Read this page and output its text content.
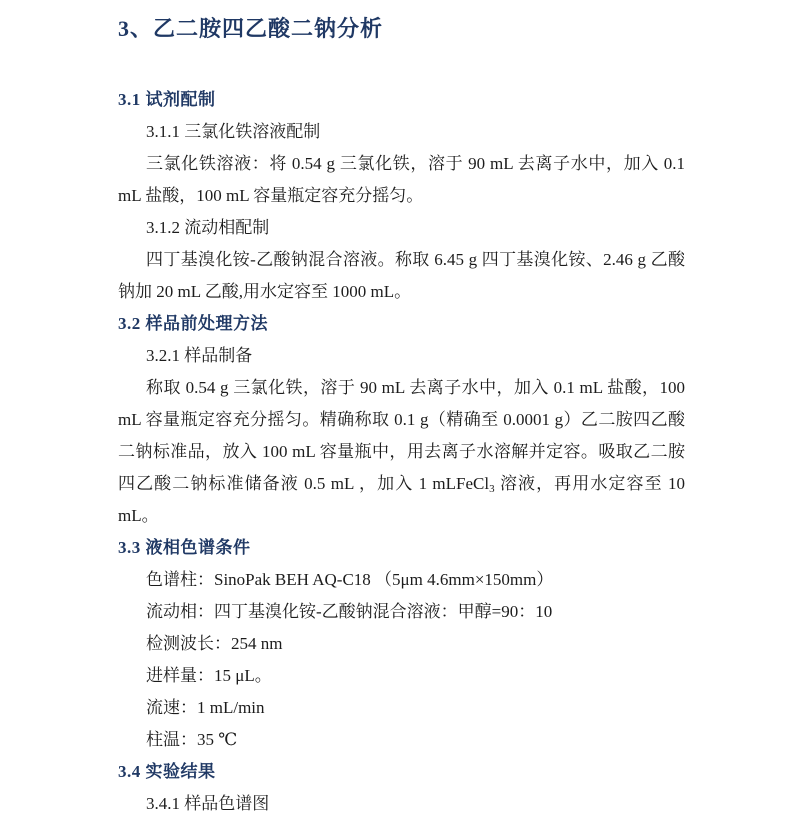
3、乙二胺四乙酸二钠分析
3.1 试剂配制
3.1.1 三氯化铁溶液配制

三氯化铁溶液：将 0.54 g 三氯化铁，溶于 90 mL 去离子水中，加入 0.1 mL 盐酸，100 mL 容量瓶定容充分摇匀。

3.1.2 流动相配制

四丁基溴化铵-乙酸钠混合溶液。称取 6.45 g 四丁基溴化铵、2.46 g 乙酸钠加 20 mL 乙酸,用水定容至 1000 mL。

3.2 样品前处理方法
3.2.1 样品制备

称取 0.54 g 三氯化铁，溶于 90 mL 去离子水中，加入 0.1 mL 盐酸，100 mL 容量瓶定容充分摇匀。精确称取 0.1 g（精确至 0.0001 g）乙二胺四乙酸二钠标准品，放入 100 mL 容量瓶中，用去离子水溶解并定容。吸取乙二胺四乙酸二钠标准储备液 0.5 mL ，加入 1 mLFeCl$_3$ 溶液，再用水定容至 10 mL。

3.3 液相色谱条件
色谱柱：SinoPak BEH AQ-C18 （5μm 4.6mm×150mm）
流动相：四丁基溴化铵-乙酸钠混合溶液：甲醇=90：10
检测波长：254 nm
进样量：15 μL。
流速：1 mL/min
柱温：35 ℃
3.4 实验结果
3.4.1 样品色谱图
